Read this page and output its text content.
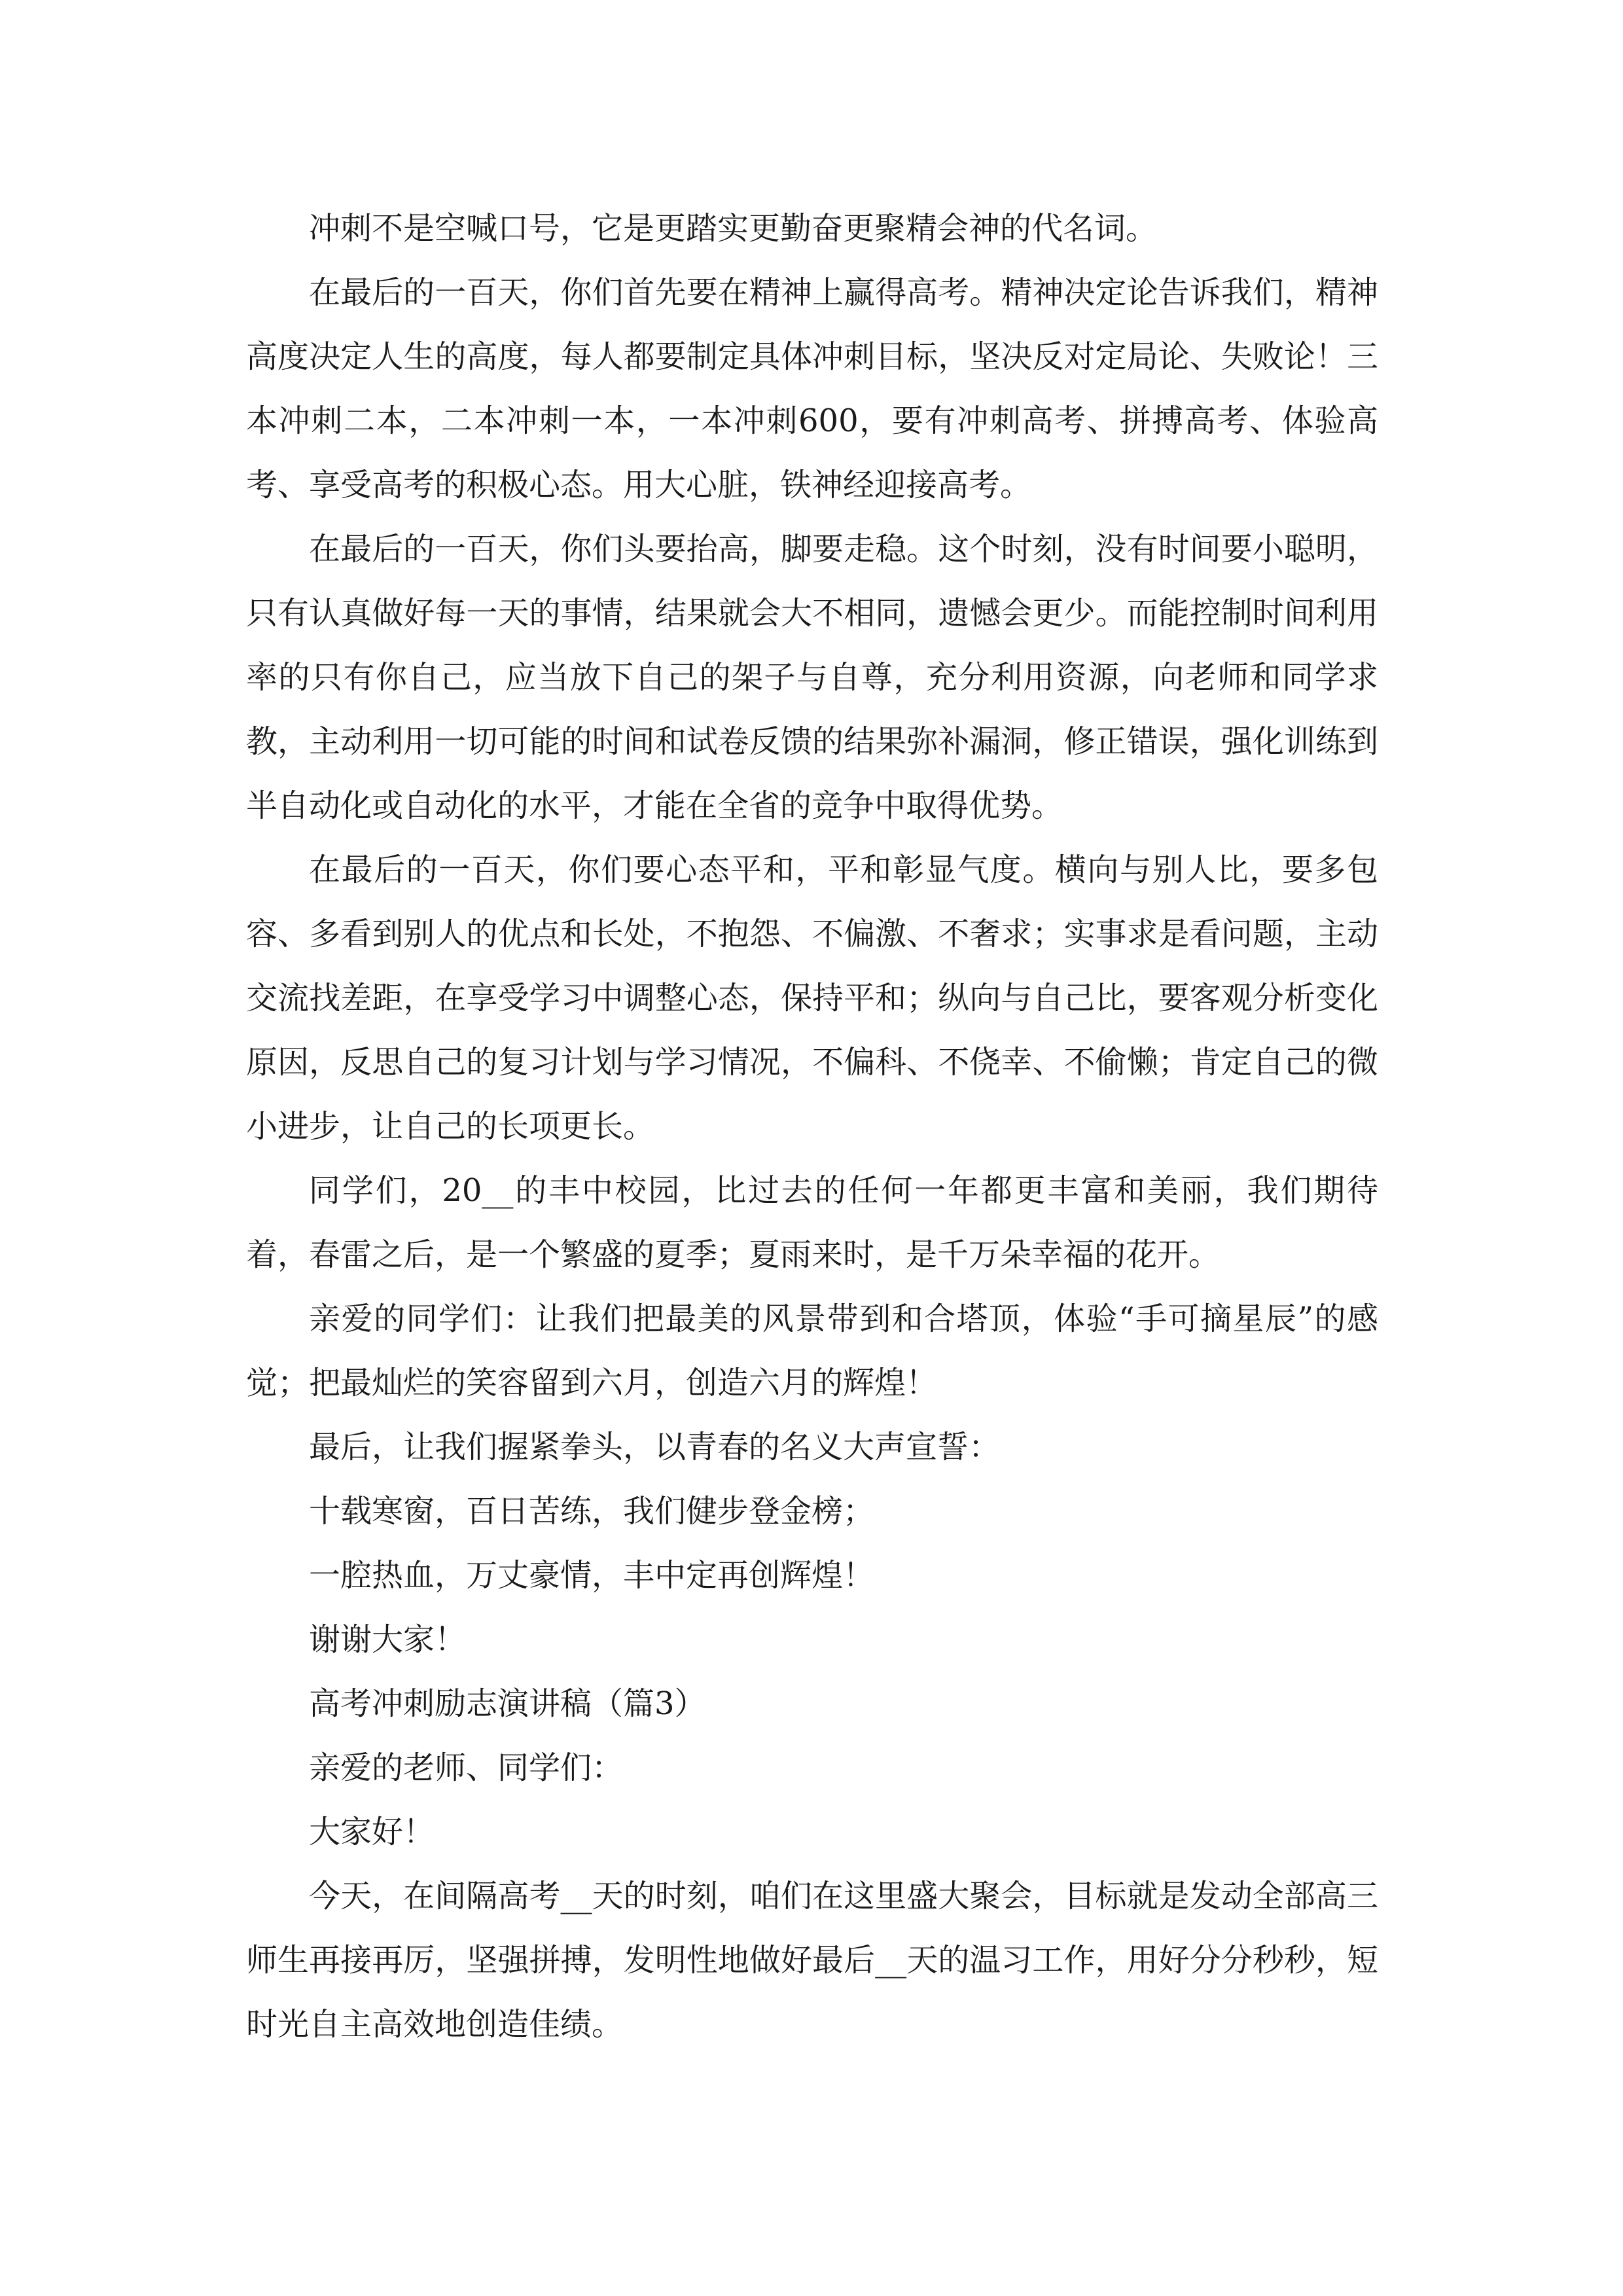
冲刺不是空喊口号，它是更踏实更勤奋更聚精会神的代名词。

在最后的一百天，你们首先要在精神上赢得高考。精神决定论告诉我们，精神高度决定人生的高度，每人都要制定具体冲刺目标，坚决反对定局论、失败论！三本冲刺二本，二本冲刺一本，一本冲刺600，要有冲刺高考、拼搏高考、体验高考、享受高考的积极心态。用大心脏，铁神经迎接高考。

在最后的一百天，你们头要抬高，脚要走稳。这个时刻，没有时间要小聪明，只有认真做好每一天的事情，结果就会大不相同，遗憾会更少。而能控制时间利用率的只有你自己，应当放下自己的架子与自尊，充分利用资源，向老师和同学求教，主动利用一切可能的时间和试卷反馈的结果弥补漏洞，修正错误，强化训练到半自动化或自动化的水平，才能在全省的竞争中取得优势。

在最后的一百天，你们要心态平和，平和彰显气度。横向与别人比，要多包容、多看到别人的优点和长处，不抱怨、不偏激、不奢求；实事求是看问题，主动交流找差距，在享受学习中调整心态，保持平和；纵向与自己比，要客观分析变化原因，反思自己的复习计划与学习情况，不偏科、不侥幸、不偷懒；肯定自己的微小进步，让自己的长项更长。

同学们，20__的丰中校园，比过去的任何一年都更丰富和美丽，我们期待着，春雷之后，是一个繁盛的夏季；夏雨来时，是千万朵幸福的花开。

亲爱的同学们：让我们把最美的风景带到和合塔顶，体验“手可摘星辰”的感觉；把最灿烂的笑容留到六月，创造六月的辉煌！

最后，让我们握紧拳头，以青春的名义大声宣誓：

十载寒窗，百日苦练，我们健步登金榜；

一腔热血，万丈豪情，丰中定再创辉煌！

谢谢大家！

高考冲刺励志演讲稿（篇3）

亲爱的老师、同学们：

大家好！

今天，在间隔高考__天的时刻，咱们在这里盛大聚会，目标就是发动全部高三师生再接再厉，坚强拼搏，发明性地做好最后__天的温习工作，用好分分秒秒，短时光自主高效地创造佳绩。
